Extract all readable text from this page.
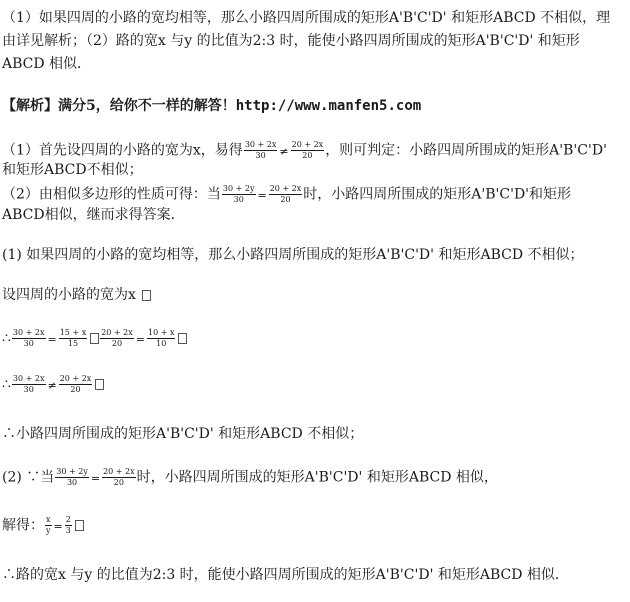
（1）如果四周的小路的宽均相等，那么小路四周所围成的矩形A'B'C'D' 和矩形ABCD 不相似，理
由详见解析；（2）路的宽x 与y 的比值为2:3 时，能使小路四周所围成的矩形A'B'C'D' 和矩形
ABCD 相似．
【解析】满分5，给你不一样的解答！http://www.manfen5.com
（1）首先设四周的小路的宽为x，易得 $\frac{30 + 2x}{30} \ne \frac{20 + 2x}{20}$ ，则可判定：小路四周所围成的矩形A'B'C'D'
和矩形ABCD不相似；
（2）由相似多边形的性质可得：当 $\frac{30 + 2y}{30} = \frac{20 + 2x}{20}$ 时，小路四周所围成的矩形A'B'C'D'和矩形
ABCD相似，继而求得答案．
(1) 如果四周的小路的宽均相等，那么小路四周所围成的矩形A'B'C'D' 和矩形ABCD 不相似；
设四周的小路的宽为x
∴ $\frac{30 + 2x}{30} = \frac{15 + x}{15} \frac{20 + 2x}{20} = \frac{10 + x}{10}$
∴ $\frac{30 + 2x}{30} \ne \frac{20 + 2x}{20}$
∴小路四周所围成的矩形A'B'C'D' 和矩形ABCD 不相似；
(2) ∵当 $\frac{30 + 2y}{30} = \frac{20 + 2x}{20}$ 时，小路四周所围成的矩形A'B'C'D' 和矩形ABCD 相似，
解得： $\frac{x}{y} = \frac{2}{3}$
∴路的宽x 与y 的比值为2:3 时，能使小路四周所围成的矩形A'B'C'D' 和矩形ABCD 相似．
